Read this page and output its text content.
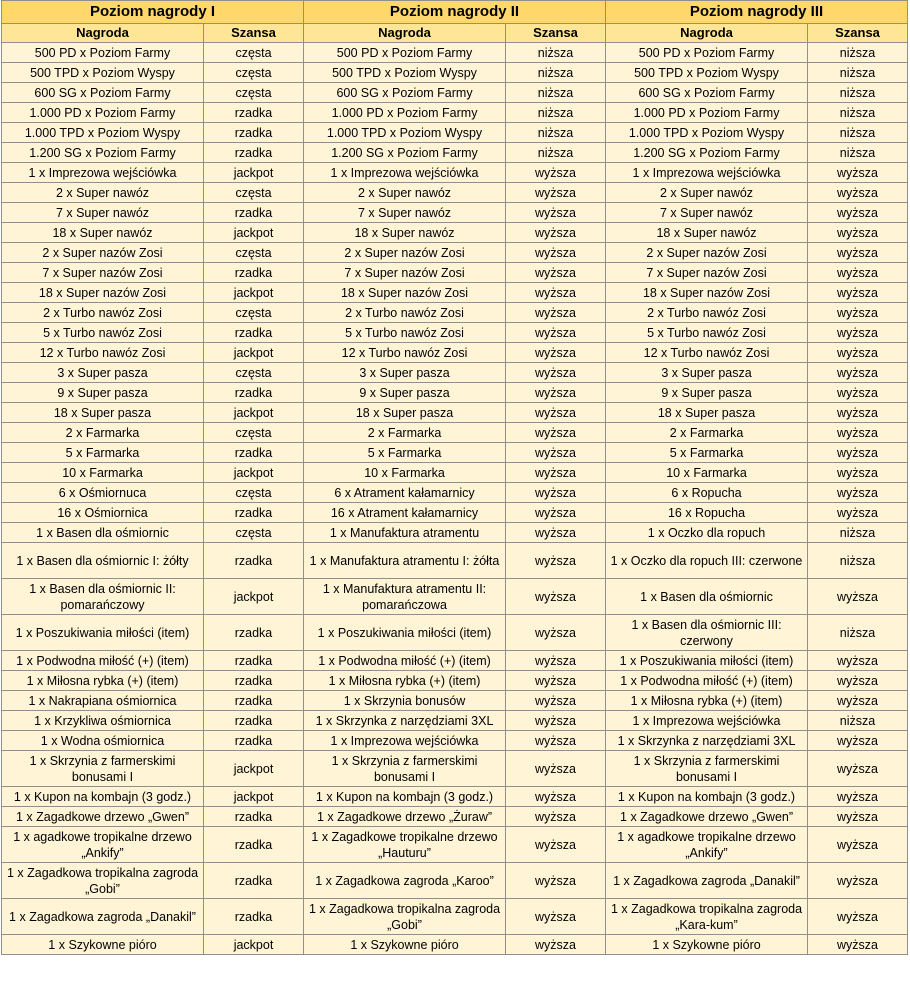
Poziom nagrody I		Poziom nagrody II		Poziom nagrody III	
Nagroda	Szansa	Nagroda	Szansa	Nagroda	Szansa
500 PD x Poziom Farmy	częsta	500 PD x Poziom Farmy	niższa	500 PD x Poziom Farmy	niższa
500 TPD x Poziom Wyspy	częsta	500 TPD x Poziom Wyspy	niższa	500 TPD x Poziom Wyspy	niższa
600 SG x Poziom Farmy	częsta	600 SG x Poziom Farmy	niższa	600 SG x Poziom Farmy	niższa
1.000 PD x Poziom Farmy	rzadka	1.000 PD x Poziom Farmy	niższa	1.000 PD x Poziom Farmy	niższa
1.000 TPD x Poziom Wyspy	rzadka	1.000 TPD x Poziom Wyspy	niższa	1.000 TPD x Poziom Wyspy	niższa
1.200 SG x Poziom Farmy	rzadka	1.200 SG x Poziom Farmy	niższa	1.200 SG x Poziom Farmy	niższa
1 x Imprezowa wejściówka	jackpot	1 x Imprezowa wejściówka	wyższa	1 x Imprezowa wejściówka	wyższa
2 x Super nawóz	częsta	2 x Super nawóz	wyższa	2 x Super nawóz	wyższa
7 x Super nawóz	rzadka	7 x Super nawóz	wyższa	7 x Super nawóz	wyższa
18 x Super nawóz	jackpot	18 x Super nawóz	wyższa	18 x Super nawóz	wyższa
2 x Super nazów Zosi	częsta	2 x Super nazów Zosi	wyższa	2 x Super nazów Zosi	wyższa
7 x Super nazów Zosi	rzadka	7 x Super nazów Zosi	wyższa	7 x Super nazów Zosi	wyższa
18 x Super nazów Zosi	jackpot	18 x Super nazów Zosi	wyższa	18 x Super nazów Zosi	wyższa
2 x Turbo nawóz Zosi	częsta	2 x Turbo nawóz Zosi	wyższa	2 x Turbo nawóz Zosi	wyższa
5 x Turbo nawóz Zosi	rzadka	5 x Turbo nawóz Zosi	wyższa	5 x Turbo nawóz Zosi	wyższa
12 x Turbo nawóz Zosi	jackpot	12 x Turbo nawóz Zosi	wyższa	12 x Turbo nawóz Zosi	wyższa
3 x Super pasza	częsta	3 x Super pasza	wyższa	3 x Super pasza	wyższa
9 x Super pasza	rzadka	9 x Super pasza	wyższa	9 x Super pasza	wyższa
18 x Super pasza	jackpot	18 x Super pasza	wyższa	18 x Super pasza	wyższa
2 x Farmarka	częsta	2 x Farmarka	wyższa	2 x Farmarka	wyższa
5 x Farmarka	rzadka	5 x Farmarka	wyższa	5 x Farmarka	wyższa
10 x Farmarka	jackpot	10 x Farmarka	wyższa	10 x Farmarka	wyższa
6 x Ośmiornuca	częsta	6 x Atrament kałamarnicy	wyższa	6 x Ropucha	wyższa
16 x Ośmiornica	rzadka	16 x Atrament kałamarnicy	wyższa	16 x Ropucha	wyższa
1 x Basen dla ośmiornic	częsta	1 x Manufaktura atramentu	wyższa	1 x Oczko dla ropuch	niższa
1 x Basen dla ośmiornic I: żółty	rzadka	1 x Manufaktura atramentu I: żółta	wyższa	1 x Oczko dla ropuch III: czerwone	niższa
1 x Basen dla ośmiornic II: pomarańczowy	jackpot	1 x Manufaktura atramentu II: pomarańczowa	wyższa	1 x Basen dla ośmiornic	wyższa
1 x Poszukiwania miłości (item)	rzadka	1 x Poszukiwania miłości (item)	wyższa	1 x Basen dla ośmiornic III: czerwony	niższa
1 x Podwodna miłość (+) (item)	rzadka	1 x Podwodna miłość (+) (item)	wyższa	1 x Poszukiwania miłości (item)	wyższa
1 x Miłosna rybka (+) (item)	rzadka	1 x Miłosna rybka (+) (item)	wyższa	1 x Podwodna miłość (+) (item)	wyższa
1 x Nakrapiana ośmiornica	rzadka	1 x Skrzynia bonusów	wyższa	1 x Miłosna rybka (+) (item)	wyższa
1 x Krzykliwa ośmiornica	rzadka	1 x Skrzynka z narzędziami 3XL	wyższa	1 x Imprezowa wejściówka	niższa
1 x Wodna ośmiornica	rzadka	1 x Imprezowa wejściówka	wyższa	1 x Skrzynka z narzędziami 3XL	wyższa
1 x Skrzynia z farmerskimi bonusami I	jackpot	1 x Skrzynia z farmerskimi bonusami I	wyższa	1 x Skrzynia z farmerskimi bonusami I	wyższa
1 x Kupon na kombajn (3 godz.)	jackpot	1 x Kupon na kombajn (3 godz.)	wyższa	1 x Kupon na kombajn (3 godz.)	wyższa
1 x Zagadkowe drzewo „Gwen”	rzadka	1 x Zagadkowe drzewo „Żuraw”	wyższa	1 x Zagadkowe drzewo „Gwen”	wyższa
1 x agadkowe tropikalne drzewo „Ankify”	rzadka	1 x Zagadkowe tropikalne drzewo „Hauturu”	wyższa	1 x agadkowe tropikalne drzewo „Ankify”	wyższa
1 x Zagadkowa tropikalna zagroda „Gobi”	rzadka	1 x Zagadkowa zagroda „Karoo”	wyższa	1 x Zagadkowa zagroda „Danakil”	wyższa
1 x Zagadkowa zagroda „Danakil”	rzadka	1 x Zagadkowa tropikalna zagroda „Gobi”	wyższa	1 x Zagadkowa tropikalna zagroda „Kara-kum”	wyższa
1 x Szykowne pióro	jackpot	1 x Szykowne pióro	wyższa	1 x Szykowne pióro	wyższa
